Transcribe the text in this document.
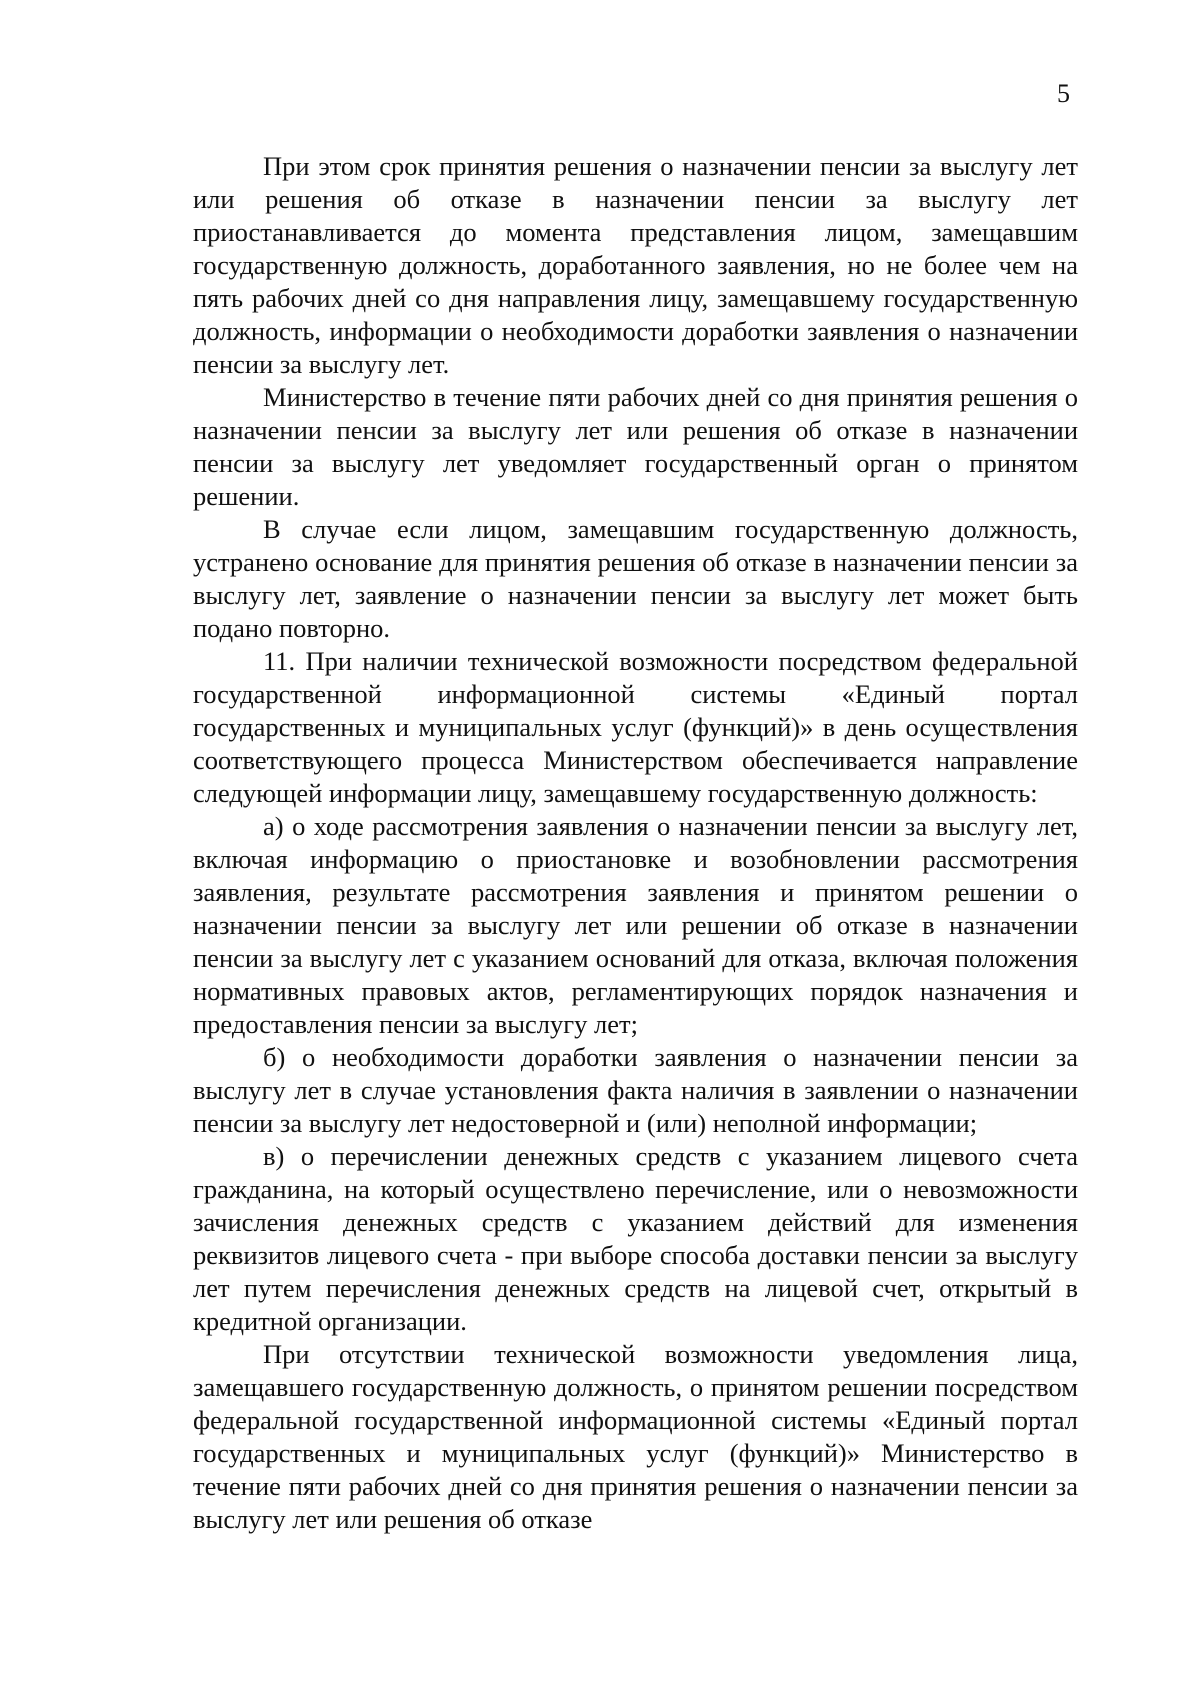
5

При этом срок принятия решения о назначении пенсии за выслугу лет или решения об отказе в назначении пенсии за выслугу лет приостанавливается до момента представления лицом, замещавшим государственную должность, доработанного заявления, но не более чем на пять рабочих дней со дня направления лицу, замещавшему государственную должность, информации о необходимости доработки заявления о назначении пенсии за выслугу лет.

Министерство в течение пяти рабочих дней со дня принятия решения о назначении пенсии за выслугу лет или решения об отказе в назначении пенсии за выслугу лет уведомляет государственный орган о принятом решении.

В случае если лицом, замещавшим государственную должность, устранено основание для принятия решения об отказе в назначении пенсии за выслугу лет, заявление о назначении пенсии за выслугу лет может быть подано повторно.

11. При наличии технической возможности посредством федеральной государственной информационной системы «Единый портал государственных и муниципальных услуг (функций)» в день осуществления соответствующего процесса Министерством обеспечивается направление следующей информации лицу, замещавшему государственную должность:

а) о ходе рассмотрения заявления о назначении пенсии за выслугу лет, включая информацию о приостановке и возобновлении рассмотрения заявления, результате рассмотрения заявления и принятом решении о назначении пенсии за выслугу лет или решении об отказе в назначении пенсии за выслугу лет с указанием оснований для отказа, включая положения нормативных правовых актов, регламентирующих порядок назначения и предоставления пенсии за выслугу лет;

б) о необходимости доработки заявления о назначении пенсии за выслугу лет в случае установления факта наличия в заявлении о назначении пенсии за выслугу лет недостоверной и (или) неполной информации;

в) о перечислении денежных средств с указанием лицевого счета гражданина, на который осуществлено перечисление, или о невозможности зачисления денежных средств с указанием действий для изменения реквизитов лицевого счета - при выборе способа доставки пенсии за выслугу лет путем перечисления денежных средств на лицевой счет, открытый в кредитной организации.

При отсутствии технической возможности уведомления лица, замещавшего государственную должность, о принятом решении посредством федеральной государственной информационной системы «Единый портал государственных и муниципальных услуг (функций)» Министерство в течение пяти рабочих дней со дня принятия решения о назначении пенсии за выслугу лет или решения об отказе
